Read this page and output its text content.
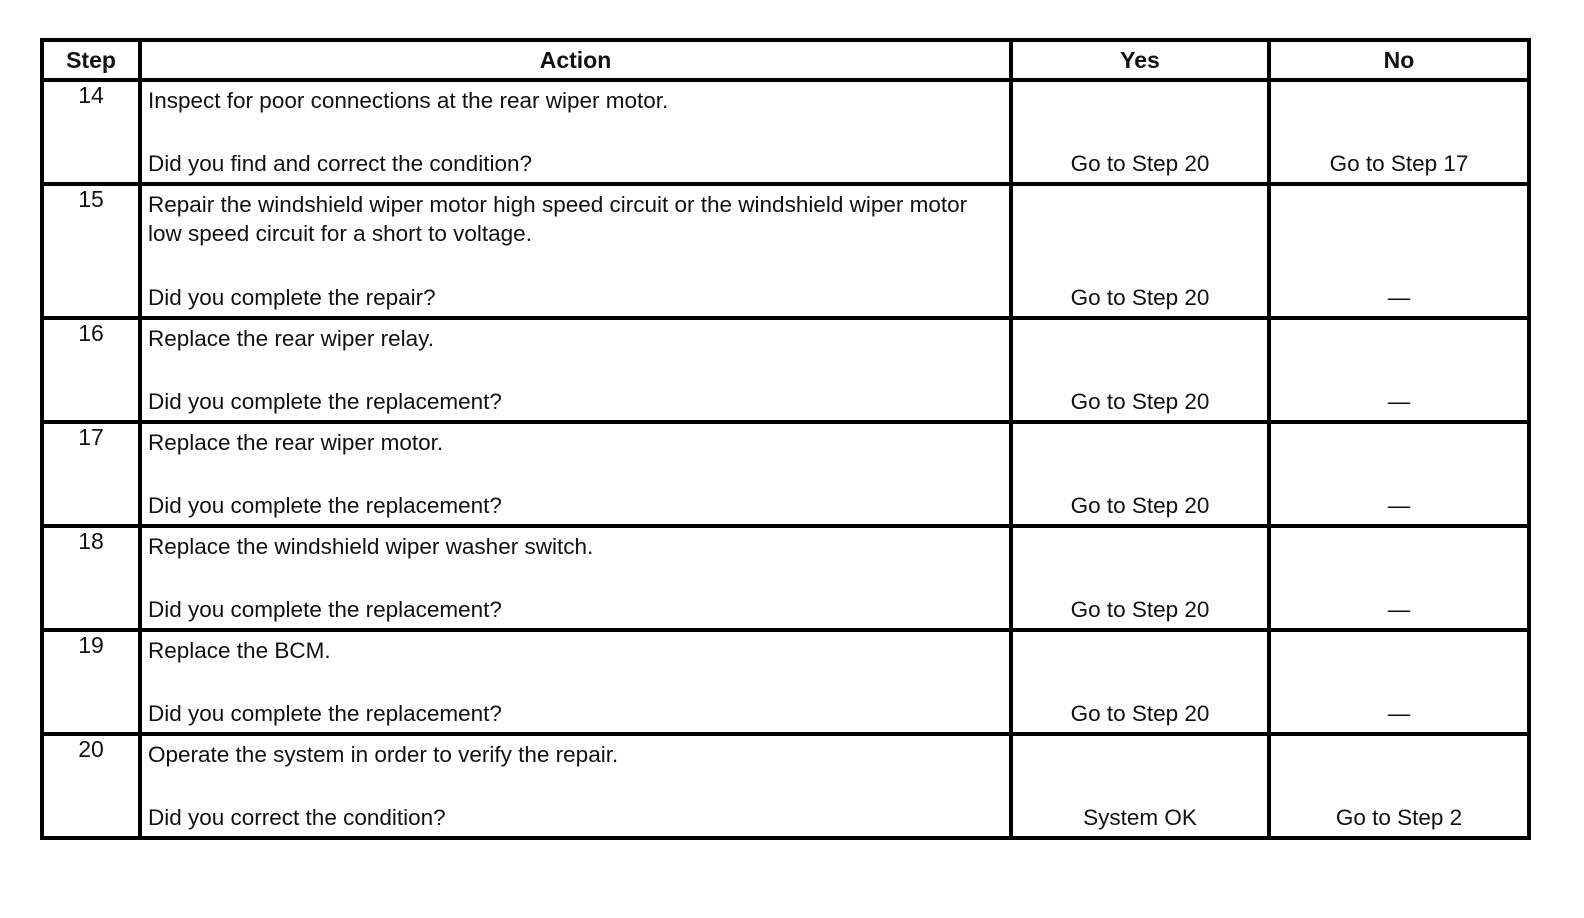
Step	Action	Yes	No
14	Inspect for poor connections at the rear wiper motor.
Did you find and correct the condition?	Go to Step 20	Go to Step 17

15	Repair the windshield wiper motor high speed circuit or the windshield wiper motor low speed circuit for a short to voltage.
Did you complete the repair?	Go to Step 20	—

16	Replace the rear wiper relay.
Did you complete the replacement?	Go to Step 20	—

17	Replace the rear wiper motor.
Did you complete the replacement?	Go to Step 20	—

18	Replace the windshield wiper washer switch.
Did you complete the replacement?	Go to Step 20	—

19	Replace the BCM.
Did you complete the replacement?	Go to Step 20	—

20	Operate the system in order to verify the repair.
Did you correct the condition?	System OK	Go to Step 2
